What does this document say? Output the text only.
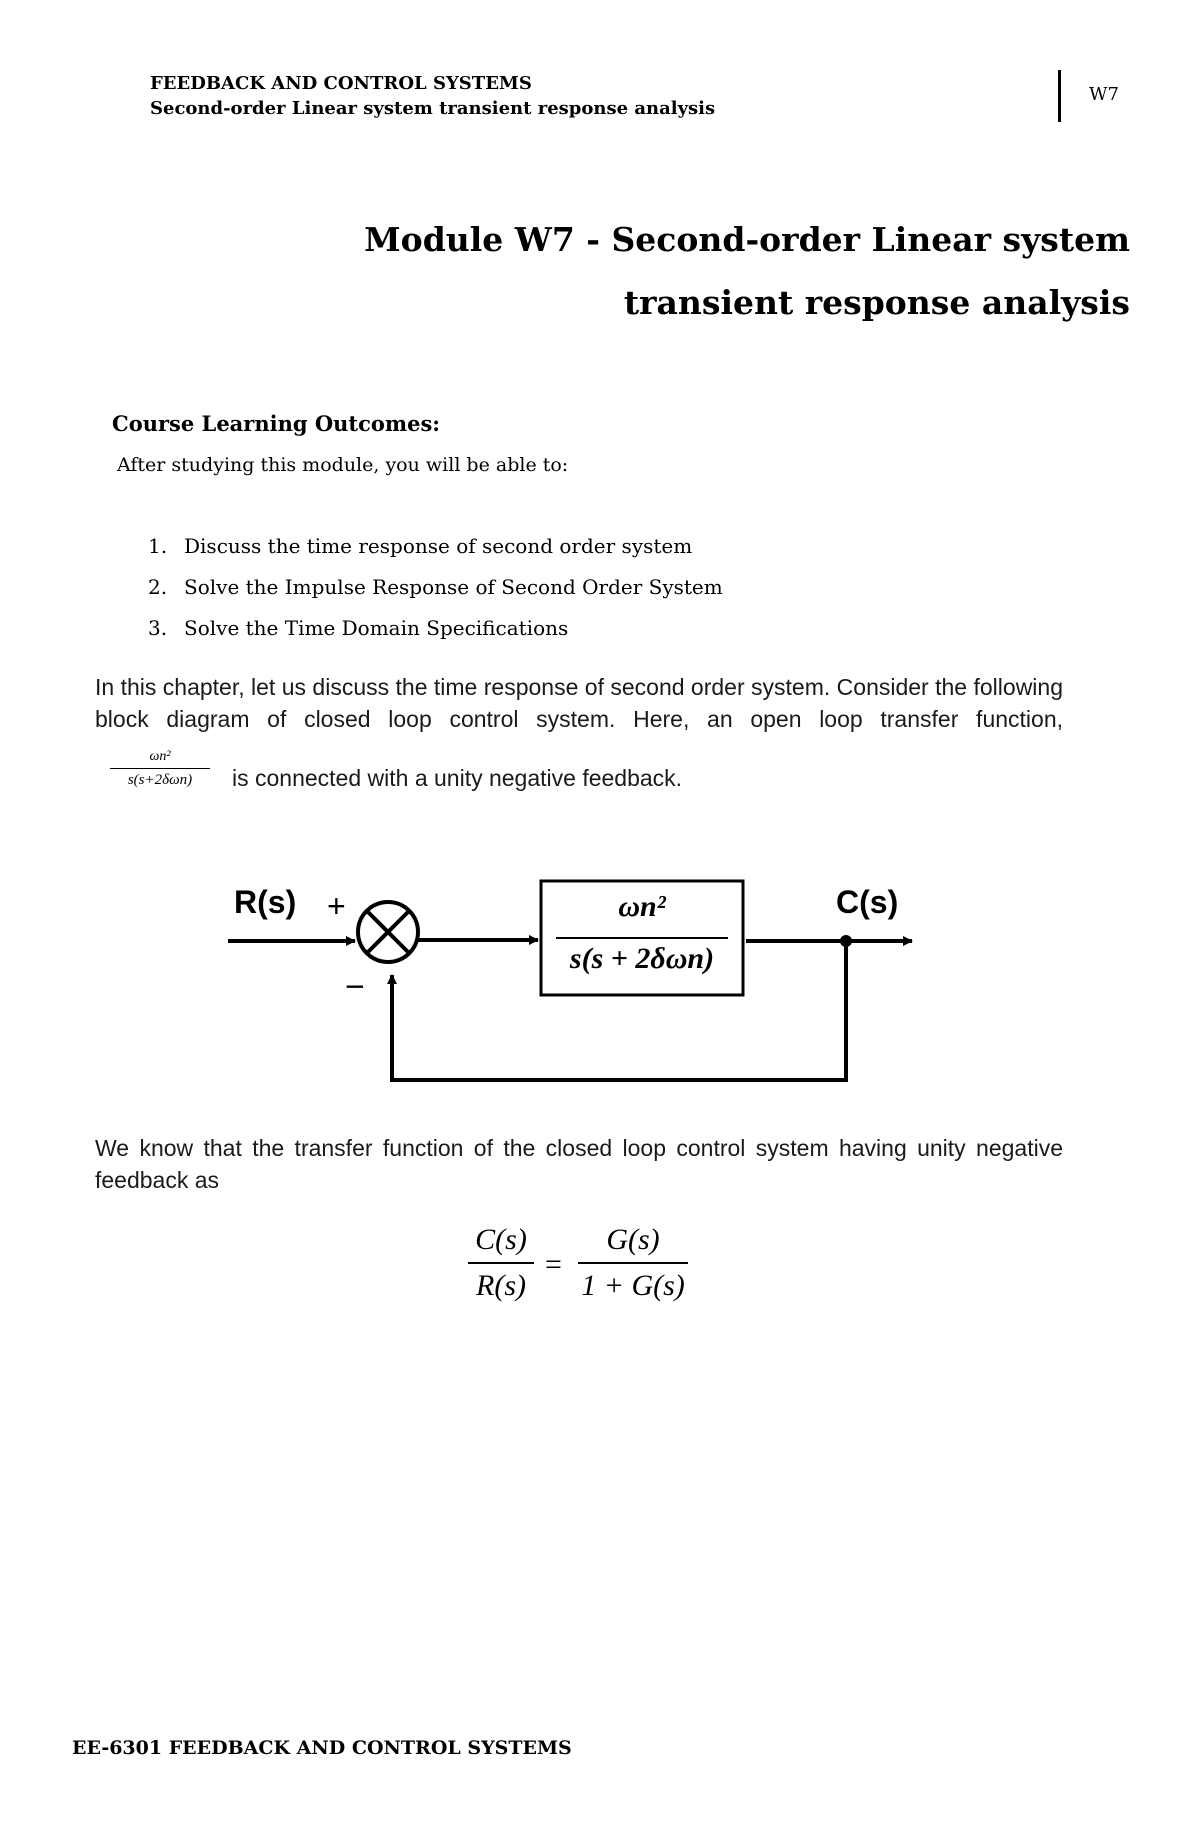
FEEDBACK AND CONTROL SYSTEMS
Second-order Linear system transient response analysis
W7
Module W7 - Second-order Linear system
transient response analysis
Course Learning Outcomes:
After studying this module, you will be able to:
1. Discuss the time response of second order system
2. Solve the Impulse Response of Second Order System
3. Solve the Time Domain Specifications
In this chapter, let us discuss the time response of second order system. Consider the following block diagram of closed loop control system. Here, an open loop transfer function,
ωn²
s(s+2δωn)	is connected with a unity negative feedback.
R(s)	C(s)
+
−
ωn²
s(s + 2δωn)
We know that the transfer function of the closed loop control system having unity negative
feedback as
C(s)
R(s)
=
G(s)
1 + G(s)
EE-6301 FEEDBACK AND CONTROL SYSTEMS
